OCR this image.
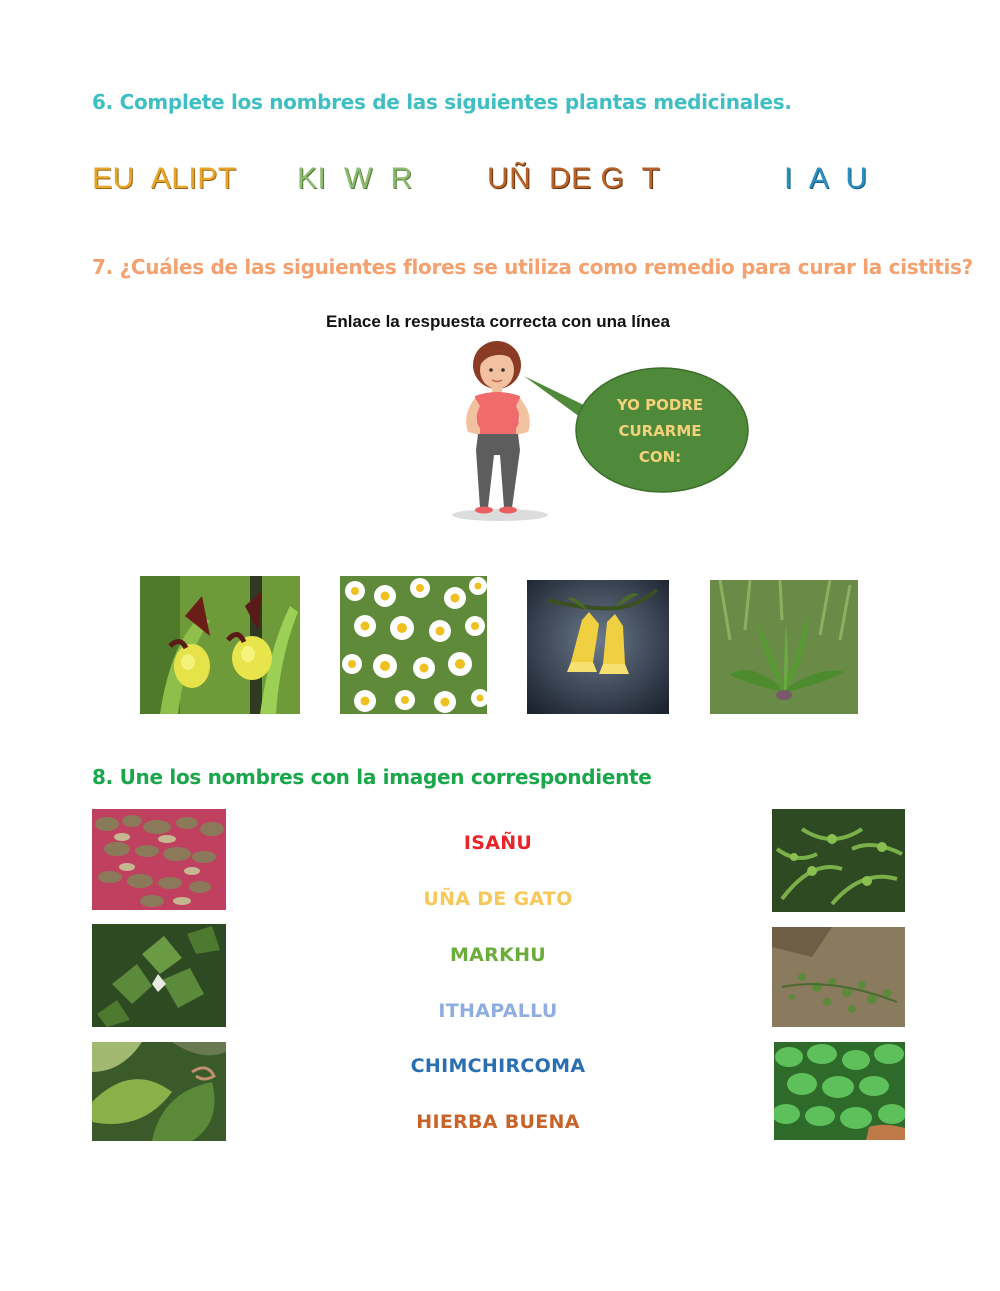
6. Complete los nombres de las siguientes plantas medicinales.
EU  ALIPT KI  W  R UÑ  DE G  T	I  A  U
7. ¿Cuáles de las siguientes flores se utiliza como remedio para curar la cistitis?
Enlace la respuesta correcta con una línea
YO PODRE
CURARME
CON:
8. Une los nombres con la imagen correspondiente
ISAÑU
UÑA DE GATO
MARKHU
ITHAPALLU
CHIMCHIRCOMA
HIERBA BUENA
